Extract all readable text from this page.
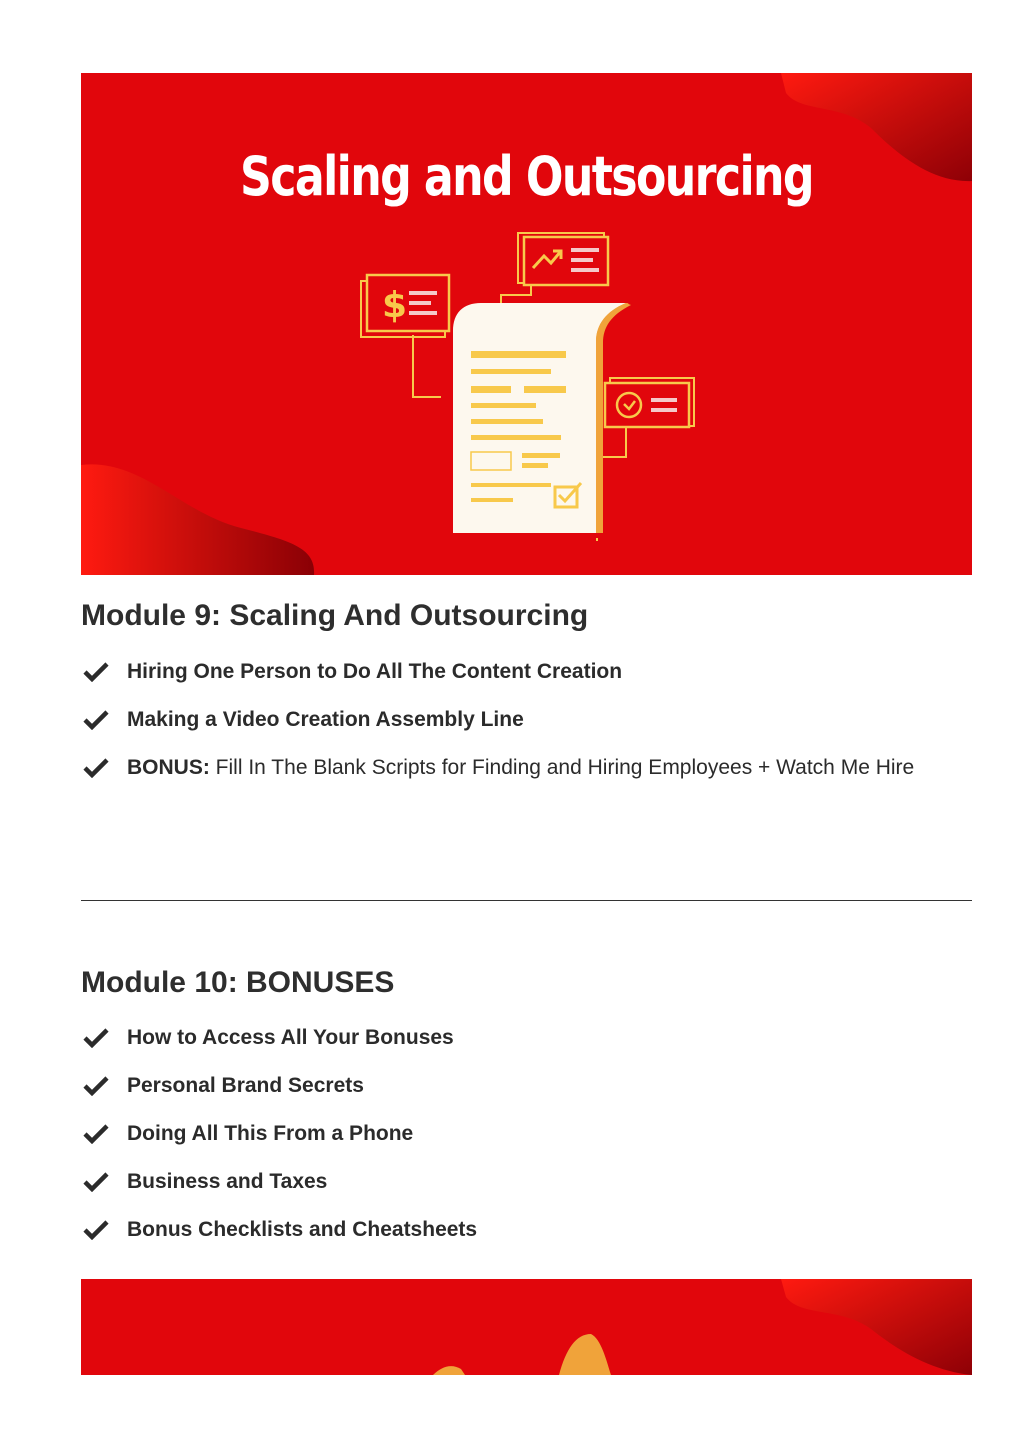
$
Scaling and Outsourcing
Module 9: Scaling And Outsourcing
Hiring One Person to Do All The Content Creation
Making a Video Creation Assembly Line
BONUS: Fill In The Blank Scripts for Finding and Hiring Employees + Watch Me Hire
Module 10: BONUSES
How to Access All Your Bonuses
Personal Brand Secrets
Doing All This From a Phone
Business and Taxes
Bonus Checklists and Cheatsheets
